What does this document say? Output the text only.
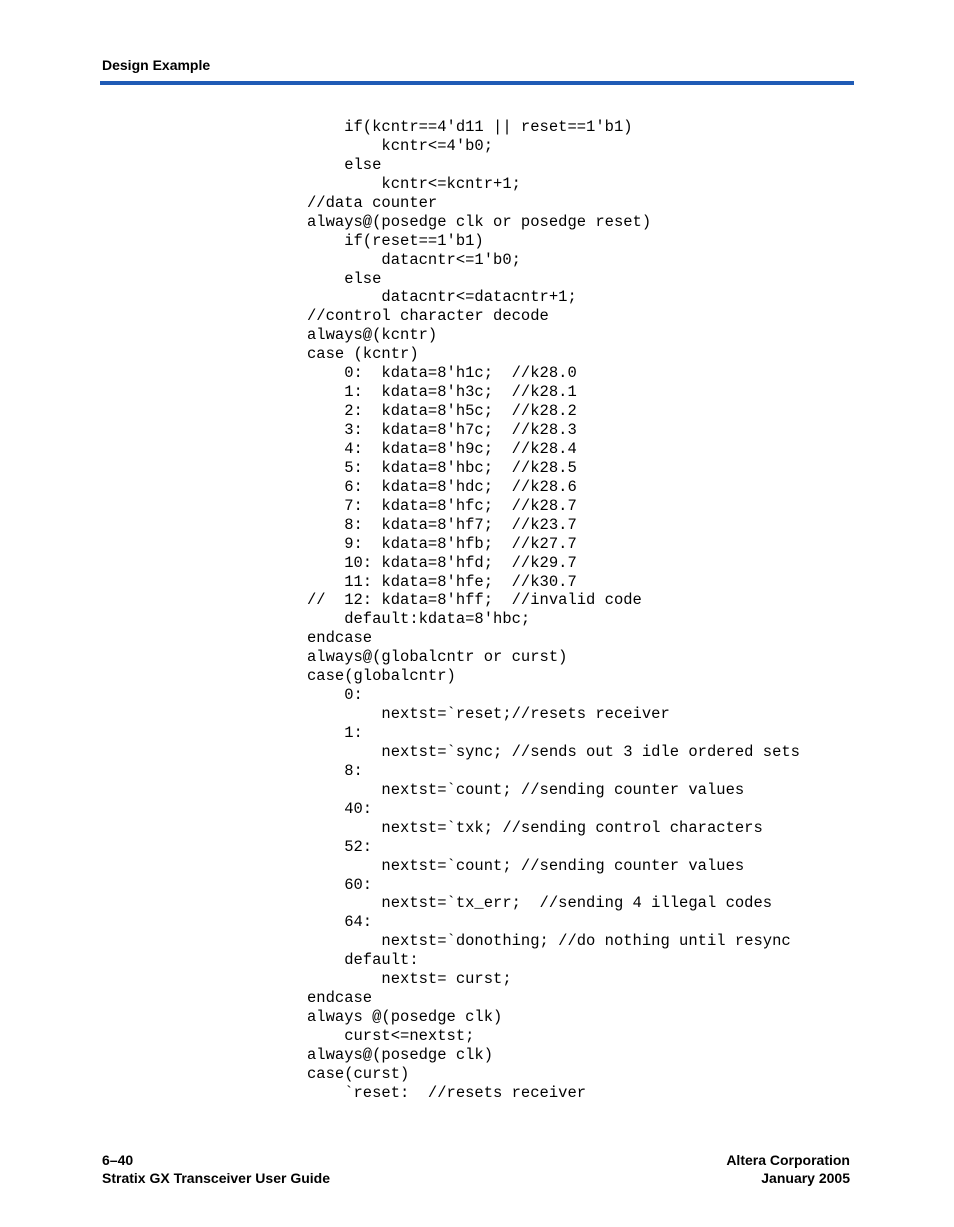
Design Example
if(kcntr==4'd11 || reset==1'b1)
kcntr<=4'b0;
else
kcntr<=kcntr+1;
//data counter
always@(posedge clk or posedge reset)
if(reset==1'b1)
datacntr<=1'b0;
else
datacntr<=datacntr+1;
//control character decode
always@(kcntr)
case (kcntr)
0:  kdata=8'h1c;  //k28.0
1:  kdata=8'h3c;  //k28.1
2:  kdata=8'h5c;  //k28.2
3:  kdata=8'h7c;  //k28.3
4:  kdata=8'h9c;  //k28.4
5:  kdata=8'hbc;  //k28.5
6:  kdata=8'hdc;  //k28.6
7:  kdata=8'hfc;  //k28.7
8:  kdata=8'hf7;  //k23.7
9:  kdata=8'hfb;  //k27.7
10: kdata=8'hfd;  //k29.7
11: kdata=8'hfe;  //k30.7
//  12: kdata=8'hff;  //invalid code
default:kdata=8'hbc;
endcase
always@(globalcntr or curst)
case(globalcntr)
0:
nextst=`reset;//resets receiver
1:
nextst=`sync; //sends out 3 idle ordered sets
8:
nextst=`count; //sending counter values
40:
nextst=`txk; //sending control characters
52:
nextst=`count; //sending counter values
60:
nextst=`tx_err;  //sending 4 illegal codes
64:
nextst=`donothing; //do nothing until resync
default:
nextst= curst;
endcase
always @(posedge clk)
curst<=nextst;
always@(posedge clk)
case(curst)
`reset:  //resets receiver
6–40
Stratix GX Transceiver User Guide
Altera Corporation
January 2005
